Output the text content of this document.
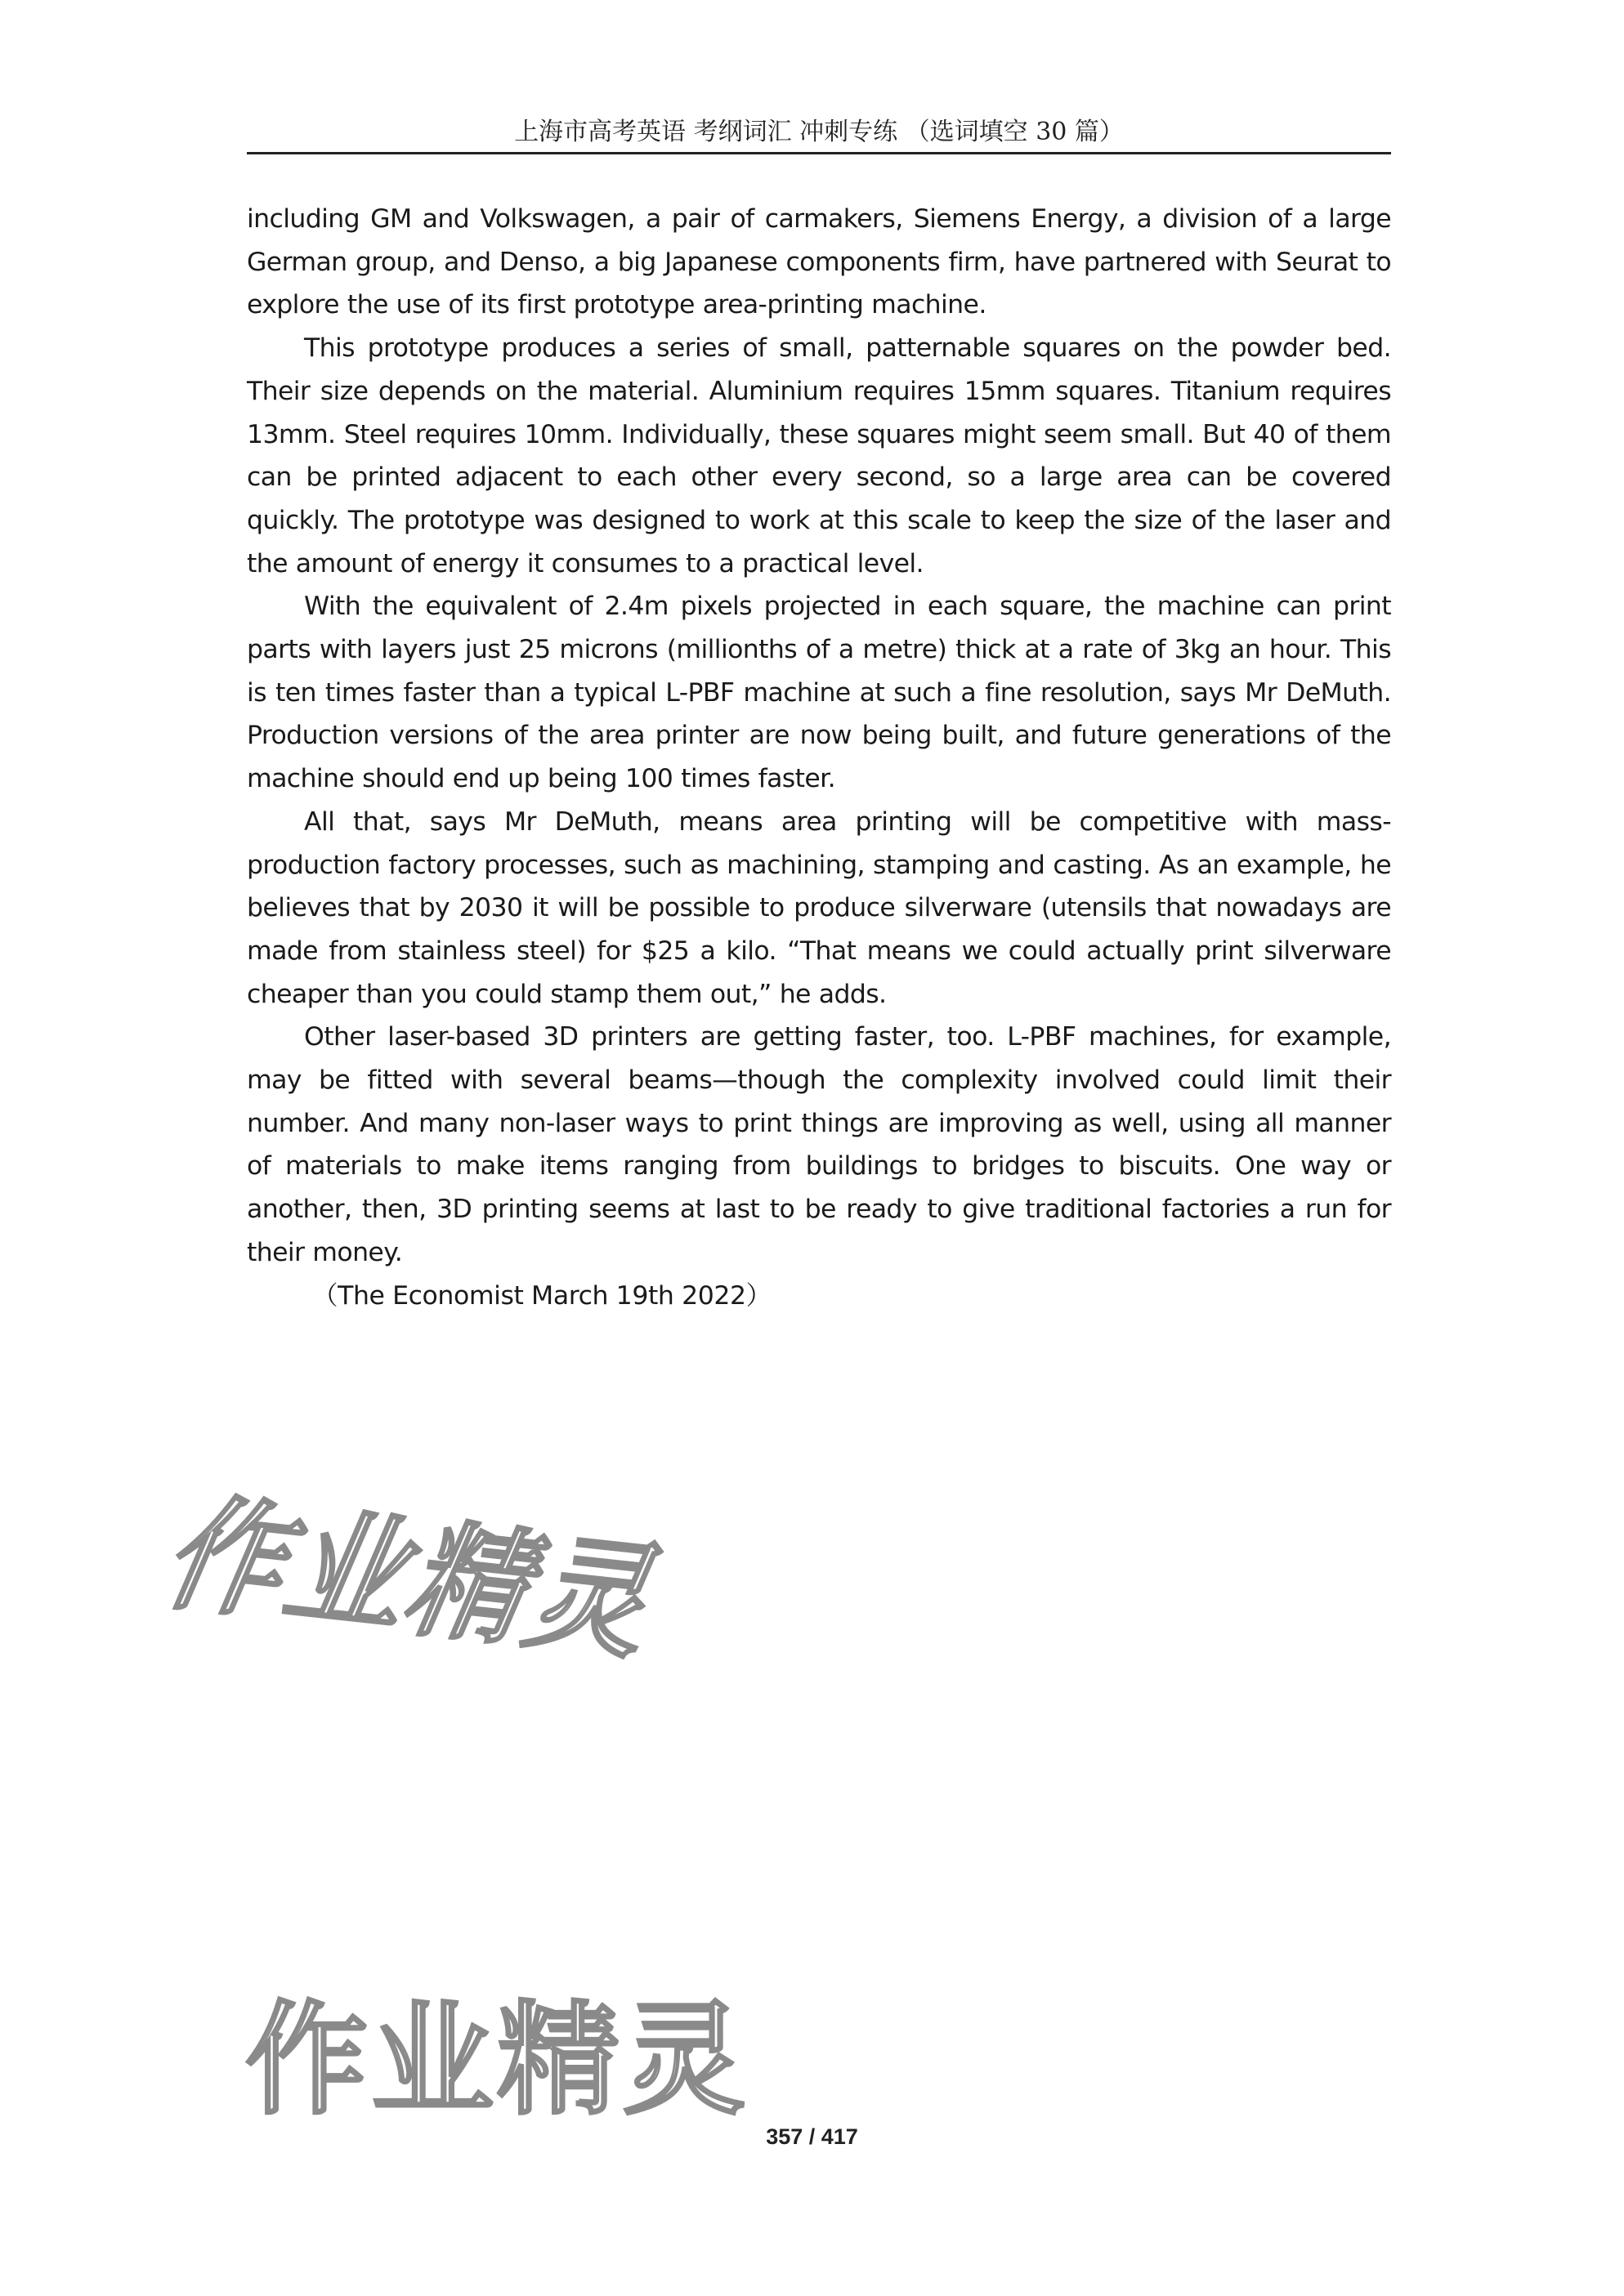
上海市高考英语 考纲词汇 冲刺专练 （选词填空 30 篇）

including GM and Volkswagen, a pair of carmakers, Siemens Energy, a division of a large German group, and Denso, a big Japanese components firm, have partnered with Seurat to explore the use of its first prototype area-printing machine.

This prototype produces a series of small, patternable squares on the powder bed. Their size depends on the material. Aluminium requires 15mm squares. Titanium requires 13mm. Steel requires 10mm. Individually, these squares might seem small. But 40 of them can be printed adjacent to each other every second, so a large area can be covered quickly. The prototype was designed to work at this scale to keep the size of the laser and the amount of energy it consumes to a practical level.

With the equivalent of 2.4m pixels projected in each square, the machine can print parts with layers just 25 microns (millionths of a metre) thick at a rate of 3kg an hour. This is ten times faster than a typical L-PBF machine at such a fine resolution, says Mr DeMuth. Production versions of the area printer are now being built, and future generations of the machine should end up being 100 times faster.

All that, says Mr DeMuth, means area printing will be competitive with mass-production factory processes, such as machining, stamping and casting. As an example, he believes that by 2030 it will be possible to produce silverware (utensils that nowadays are made from stainless steel) for $25 a kilo. “That means we could actually print silverware cheaper than you could stamp them out,” he adds.

Other laser-based 3D printers are getting faster, too. L-PBF machines, for example, may be fitted with several beams—though the complexity involved could limit their number. And many non-laser ways to print things are improving as well, using all manner of materials to make items ranging from buildings to bridges to biscuits. One way or another, then, 3D printing seems at last to be ready to give traditional factories a run for their money.

（The Economist March 19th 2022）

作业精灵
作业精灵
357 / 417
